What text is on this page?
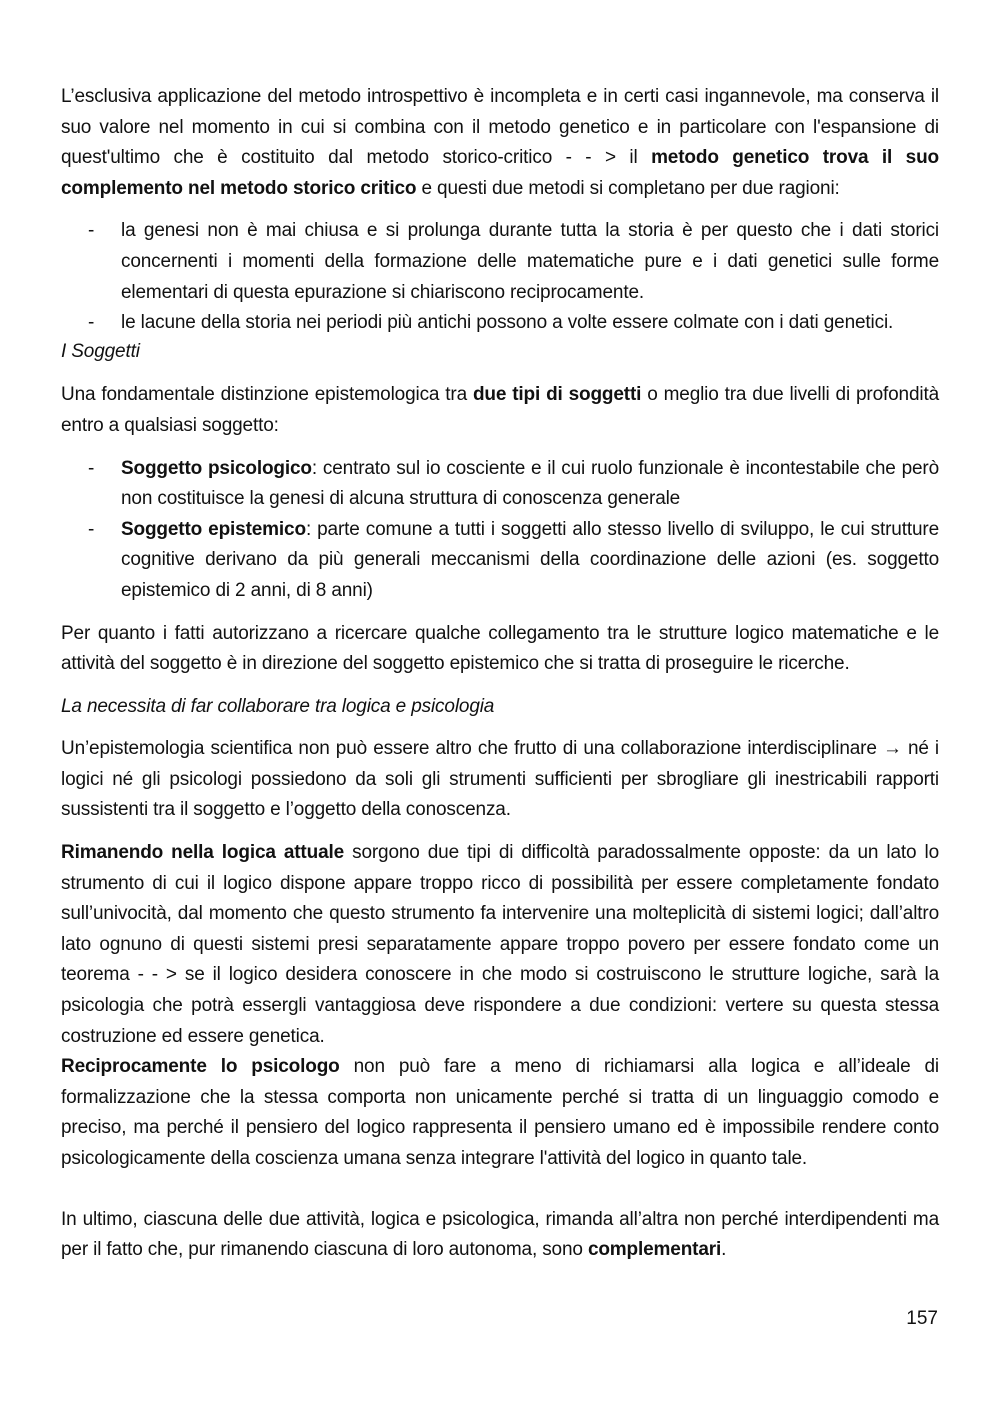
L’esclusiva applicazione del metodo introspettivo è incompleta e in certi casi ingannevole, ma conserva il suo valore nel momento in cui si combina con il metodo genetico e in particolare con l'espansione di quest'ultimo che è costituito dal metodo storico-critico - - > il metodo genetico trova il suo complemento nel metodo storico critico e questi due metodi si completano per due ragioni:

- la genesi non è mai chiusa e si prolunga durante tutta la storia è per questo che i dati storici concernenti i momenti della formazione delle matematiche pure e i dati genetici sulle forme elementari di questa epurazione si chiariscono reciprocamente.
- le lacune della storia nei periodi più antichi possono a volte essere colmate con i dati genetici.

I Soggetti

Una fondamentale distinzione epistemologica tra due tipi di soggetti o meglio tra due livelli di profondità entro a qualsiasi soggetto:

- Soggetto psicologico: centrato sul io cosciente e il cui ruolo funzionale è incontestabile che però non costituisce la genesi di alcuna struttura di conoscenza generale
- Soggetto epistemico: parte comune a tutti i soggetti allo stesso livello di sviluppo, le cui strutture cognitive derivano da più generali meccanismi della coordinazione delle azioni (es. soggetto epistemico di 2 anni, di 8 anni)

Per quanto i fatti autorizzano a ricercare qualche collegamento tra le strutture logico matematiche e le attività del soggetto è in direzione del soggetto epistemico che si tratta di proseguire le ricerche.

La necessita di far collaborare tra logica e psicologia

Un’epistemologia scientifica non può essere altro che frutto di una collaborazione interdisciplinare → né i logici né gli psicologi possiedono da soli gli strumenti sufficienti per sbrogliare gli inestricabili rapporti sussistenti tra il soggetto e l’oggetto della conoscenza.

Rimanendo nella logica attuale sorgono due tipi di difficoltà paradossalmente opposte: da un lato lo strumento di cui il logico dispone appare troppo ricco di possibilità per essere completamente fondato sull’univocità, dal momento che questo strumento fa intervenire una molteplicità di sistemi logici; dall’altro lato ognuno di questi sistemi presi separatamente appare troppo povero per essere fondato come un teorema - - > se il logico desidera conoscere in che modo si costruiscono le strutture logiche, sarà la psicologia che potrà essergli vantaggiosa deve rispondere a due condizioni: vertere su questa stessa costruzione ed essere genetica.

Reciprocamente lo psicologo non può fare a meno di richiamarsi alla logica e all’ideale di formalizzazione che la stessa comporta non unicamente perché si tratta di un linguaggio comodo e preciso, ma perché il pensiero del logico rappresenta il pensiero umano ed è impossibile rendere conto psicologicamente della coscienza umana senza integrare l'attività del logico in quanto tale.

In ultimo, ciascuna delle due attività, logica e psicologica, rimanda all’altra non perché interdipendenti ma per il fatto che, pur rimanendo ciascuna di loro autonoma, sono complementari.

157
